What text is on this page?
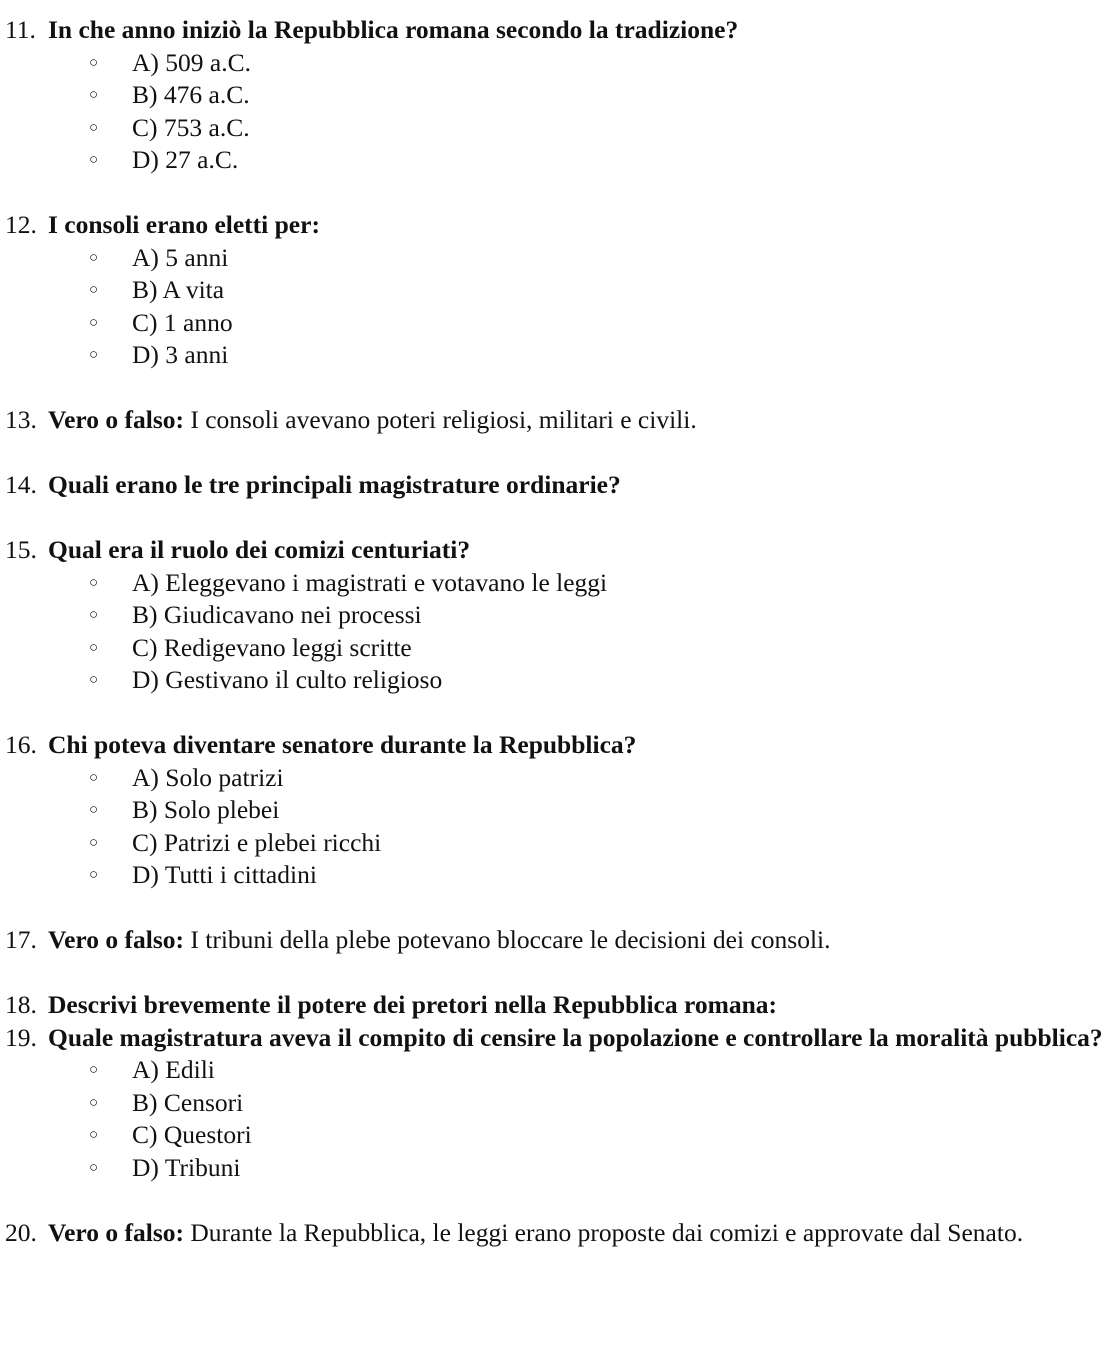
11. In che anno iniziò la Repubblica romana secondo la tradizione?
○ A) 509 a.C.
○ B) 476 a.C.
○ C) 753 a.C.
○ D) 27 a.C.
12. I consoli erano eletti per:
○ A) 5 anni
○ B) A vita
○ C) 1 anno
○ D) 3 anni
13. Vero o falso: I consoli avevano poteri religiosi, militari e civili.
14. Quali erano le tre principali magistrature ordinarie?
15. Qual era il ruolo dei comizi centuriati?
○ A) Eleggevano i magistrati e votavano le leggi
○ B) Giudicavano nei processi
○ C) Redigevano leggi scritte
○ D) Gestivano il culto religioso
16. Chi poteva diventare senatore durante la Repubblica?
○ A) Solo patrizi
○ B) Solo plebei
○ C) Patrizi e plebei ricchi
○ D) Tutti i cittadini
17. Vero o falso: I tribuni della plebe potevano bloccare le decisioni dei consoli.
18. Descrivi brevemente il potere dei pretori nella Repubblica romana:
19. Quale magistratura aveva il compito di censire la popolazione e controllare la moralità pubblica?
○ A) Edili
○ B) Censori
○ C) Questori
○ D) Tribuni
20. Vero o falso: Durante la Repubblica, le leggi erano proposte dai comizi e approvate dal Senato.
